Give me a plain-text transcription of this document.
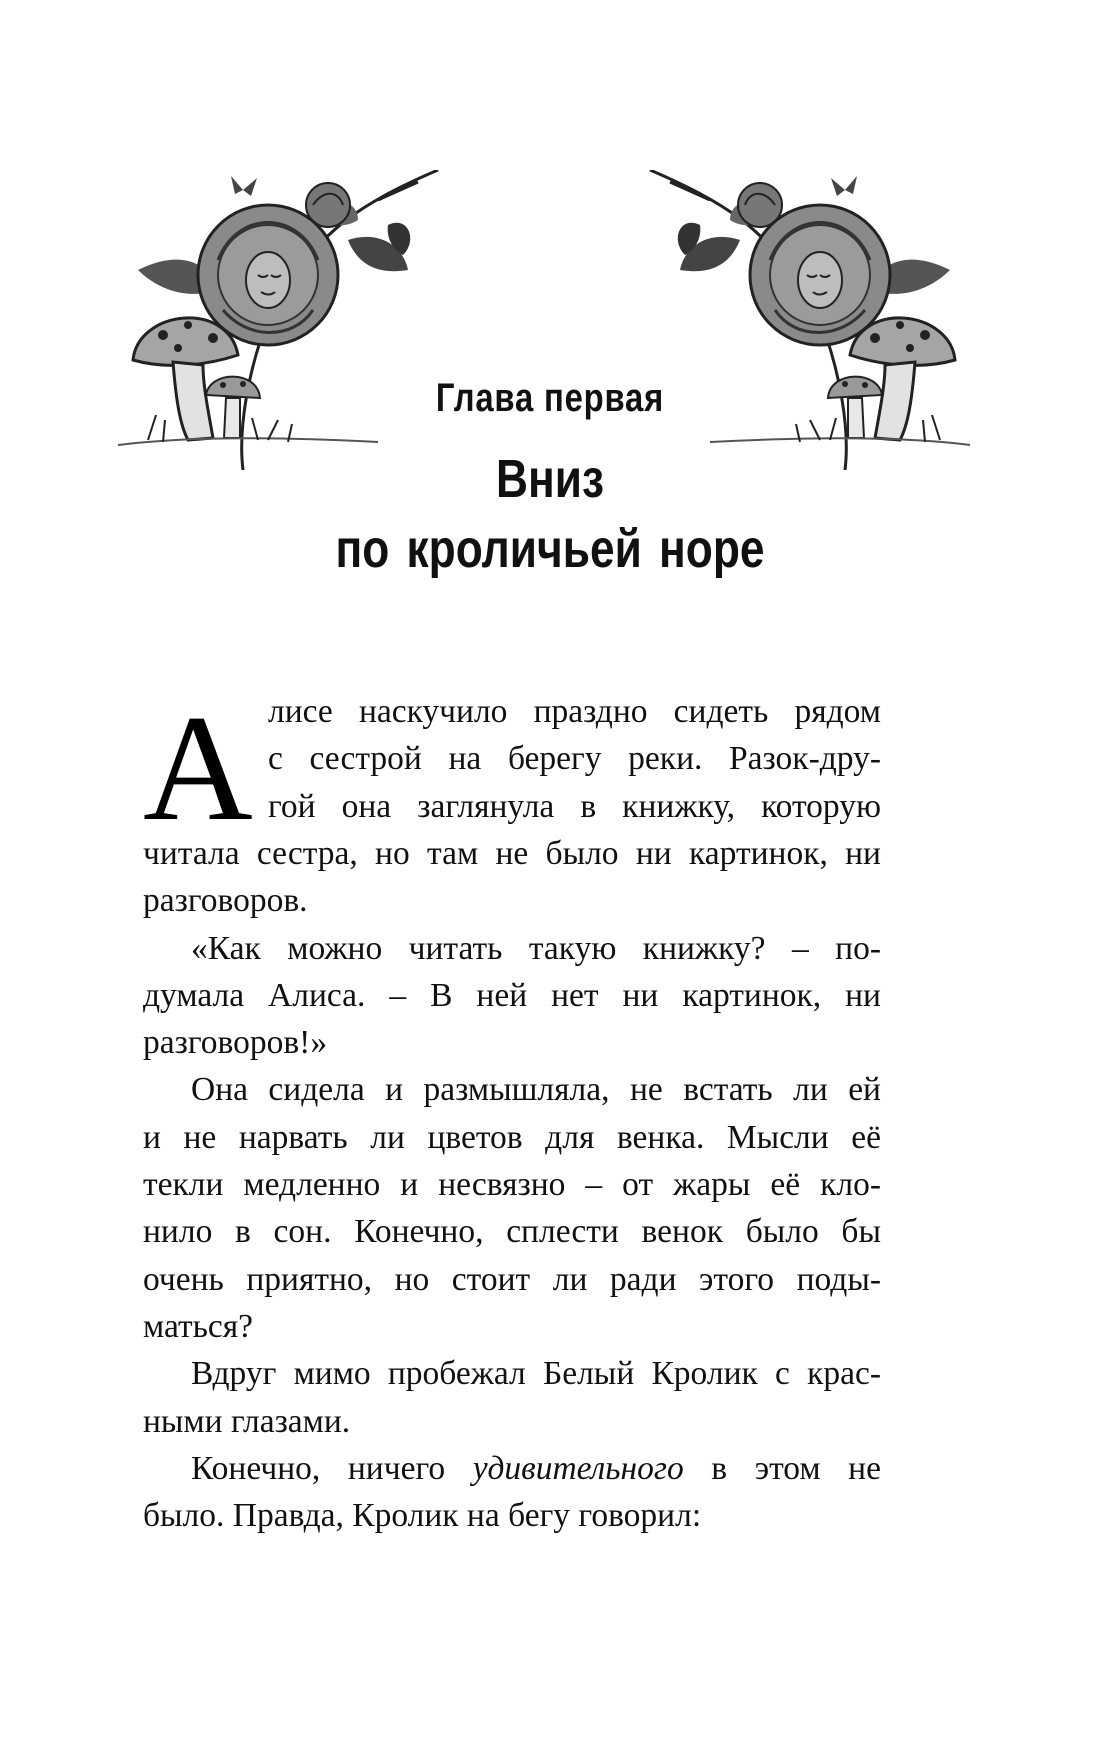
Глава первая
Вниз
по кроличьей норе
А лисе наскучило праздно сидеть рядом
с сестрой на берегу реки. Разок-дру-
гой она заглянула в книжку, которую
читала сестра, но там не было ни картинок, ни
разговоров.
«Как можно читать такую книжку? – по-
думала Алиса. – В ней нет ни картинок, ни
разговоров!»
Она сидела и размышляла, не встать ли ей
и не нарвать ли цветов для венка. Мысли её
текли медленно и несвязно – от жары её кло-
нило в сон. Конечно, сплести венок было бы
очень приятно, но стоит ли ради этого поды-
маться?
Вдруг мимо пробежал Белый Кролик с крас-
ными глазами.
Конечно, ничего удивительного в этом не
было. Правда, Кролик на бегу говорил:
